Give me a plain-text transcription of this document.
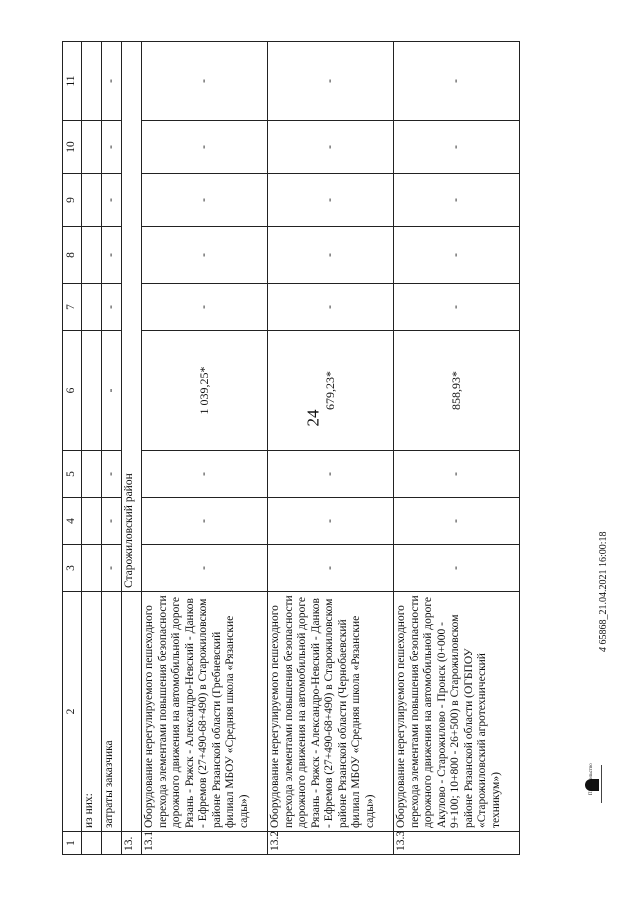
24
1	2	3	4	5	6	7	8	9	10	11
	из них:									
	затраты заказчика	-	-	-	-	-	-	-	-	-
13.		Старожиловский район								
13.1	Оборудование нерегулируемого пешеходного перехода элементами повышения безопасности дорожного движения на автомобильной дороге Рязань - Ряжск - Александро-Невский - Данков - Ефремов (27+490-68+490) в Старожиловском районе Рязанской области (Гребневский филиал МБОУ «Средняя школа «Рязанские сады»)	-	-	-	1 039,25*	-	-	-	-	-
13.2	Оборудование нерегулируемого пешеходного перехода элементами повышения безопасности дорожного движения на автомобильной дороге Рязань - Ряжск - Александро-Невский - Данков - Ефремов (27+490-68+490) в Старожиловском районе Рязанской области (Чернобаевский филиал МБОУ «Средняя школа «Рязанские сады»)	-	-	-	679,23*	-	-	-	-	-
13.3	Оборудование нерегулируемого пешеходного перехода элементами повышения безопасности дорожного движения на автомобильной дороге Акулово - Старожилово - Пронск (0+000 - 9+100; 10+800 - 26+500) в Старожиловском районе Рязанской области (ОГБПОУ «Старожиловский агротехнический техникум»)	-	-	-	858,93*	-	-	-	-	-
4 65868_21.04.2021 16:00:18
Правительство
